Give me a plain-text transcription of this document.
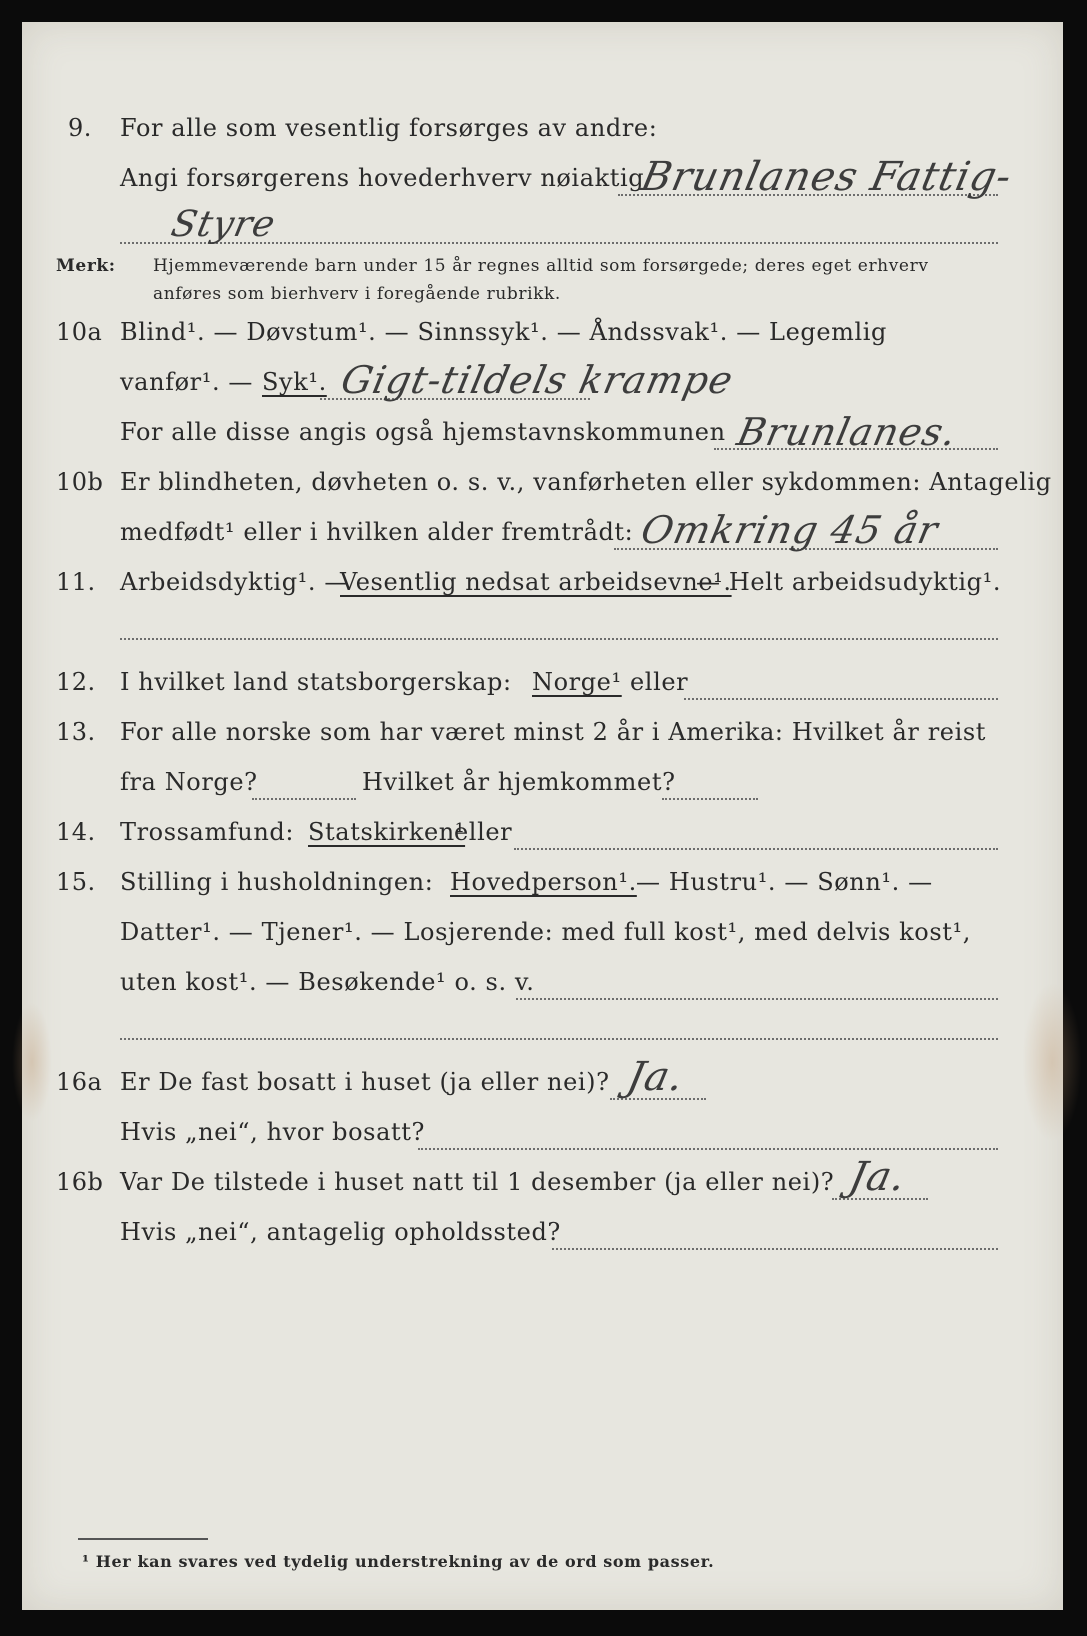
9. For alle som vesentlig forsørges av andre:
Angi forsørgerens hovederhverv nøiaktig
Brunlanes Fattig-
Styre
Merk: Hjemmeværende barn under 15 år regnes alltid som forsørgede; deres eget erhverv
anføres som bierhverv i foregående rubrikk.
10a Blind¹. — Døvstum¹. — Sinnssyk¹. — Åndssvak¹. — Legemlig
vanfør¹. — Syk¹. Gigt-tildels krampe
For alle disse angis også hjemstavnskommunen Brunlanes.
10b Er blindheten, døvheten o. s. v., vanførheten eller sykdommen: Antagelig
medfødt¹ eller i hvilken alder fremtrådt: Omkring 45 år
11. Arbeidsdyktig¹. —
Vesentlig nedsat arbeidsevne¹.
— Helt arbeidsudyktig¹.
12. I hvilket land statsborgerskap: Norge¹ eller
13. For alle norske som har været minst 2 år i Amerika: Hvilket år reist
fra Norge?	Hvilket år hjemkommet?
14. Trossamfund: Statskirken¹
eller
15. Stilling i husholdningen: Hovedperson¹. — Hustru¹. — Sønn¹. —
Datter¹. — Tjener¹. — Losjerende: med full kost¹, med delvis kost¹,
uten kost¹. — Besøkende¹ o. s. v.
16a Er De fast bosatt i huset (ja eller nei)? Ja.
Hvis „nei“, hvor bosatt?
16b Var De tilstede i huset natt til 1 desember (ja eller nei)? Ja.
Hvis „nei“, antagelig opholdssted?
¹ Her kan svares ved tydelig understrekning av de ord som passer.
